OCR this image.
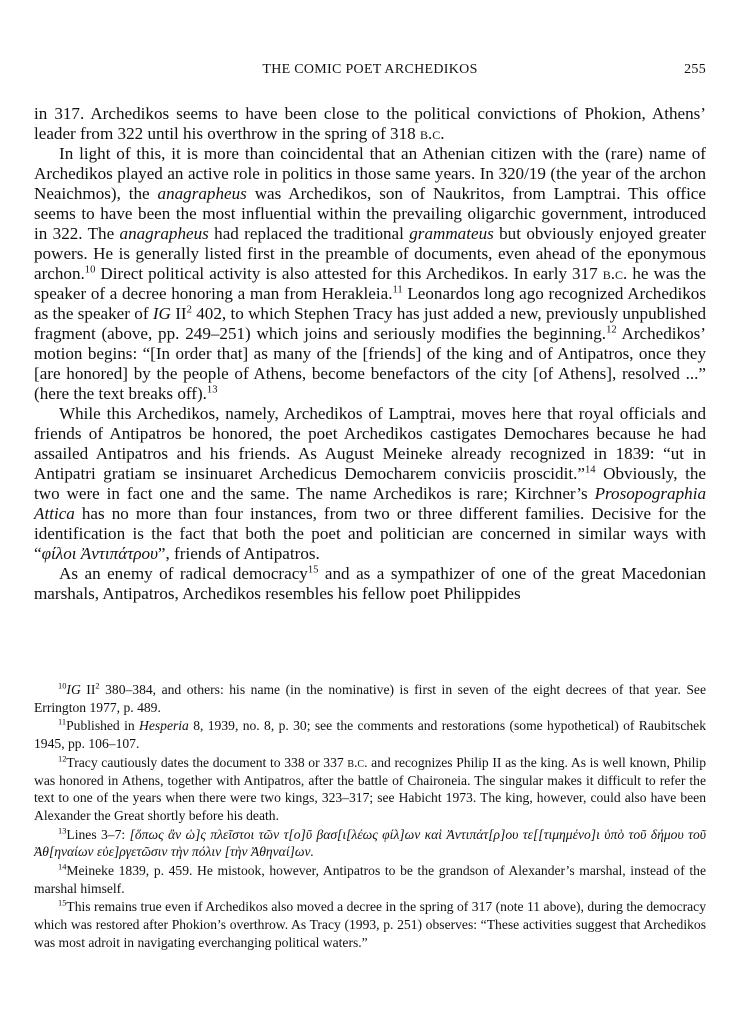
THE COMIC POET ARCHEDIKOS	255

in 317. Archedikos seems to have been close to the political convictions of Phokion, Athens’ leader from 322 until his overthrow in the spring of 318 b.c.

In light of this, it is more than coincidental that an Athenian citizen with the (rare) name of Archedikos played an active role in politics in those same years. In 320/19 (the year of the archon Neaichmos), the anagrapheus was Archedikos, son of Naukritos, from Lamptrai. This office seems to have been the most influential within the prevailing oligarchic government, introduced in 322. The anagrapheus had replaced the traditional grammateus but obviously enjoyed greater powers. He is generally listed first in the preamble of documents, even ahead of the eponymous archon.$^{10}$ Direct political activity is also attested for this Archedikos. In early 317 b.c. he was the speaker of a decree honoring a man from Herakleia.$^{11}$ Leonardos long ago recognized Archedikos as the speaker of IG $II^2$ 402, to which Stephen Tracy has just added a new, previously unpublished fragment (above, pp. 249–251) which joins and seriously modifies the beginning.$^{12}$ Archedikos’ motion begins: “[In order that] as many of the [friends] of the king and of Antipatros, once they [are honored] by the people of Athens, become benefactors of the city [of Athens], resolved ...” (here the text breaks off).$^{13}$

While this Archedikos, namely, Archedikos of Lamptrai, moves here that royal officials and friends of Antipatros be honored, the poet Archedikos castigates Demochares because he had assailed Antipatros and his friends. As August Meineke already recognized in 1839: “ut in Antipatri gratiam se insinuaret Archedicus Democharem conviciis proscidit.”$^{14}$ Obviously, the two were in fact one and the same. The name Archedikos is rare; Kirchner’s Prosopographia Attica has no more than four instances, from two or three different families. Decisive for the identification is the fact that both the poet and politician are concerned in similar ways with “φίλοι Ἀντιπάτρου”, friends of Antipatros.

As an enemy of radical democracy$^{15}$ and as a sympathizer of one of the great Macedonian marshals, Antipatros, Archedikos resembles his fellow poet Philippides

$^{10}$IG $II^2$ 380–384, and others: his name (in the nominative) is first in seven of the eight decrees of that year. See Errington 1977, p. 489.

$^{11}$Published in Hesperia 8, 1939, no. 8, p. 30; see the comments and restorations (some hypothetical) of Raubitschek 1945, pp. 106–107.

$^{12}$Tracy cautiously dates the document to 338 or 337 b.c. and recognizes Philip II as the king. As is well known, Philip was honored in Athens, together with Antipatros, after the battle of Chaironeia. The singular makes it difficult to refer the text to one of the years when there were two kings, 323–317; see Habicht 1973. The king, however, could also have been Alexander the Great shortly before his death.

$^{13}$Lines 3–7: [ὅπως ἂν ὡ]ς πλεῖστοι τῶν τ[ο]ῦ βασ[ι[λέως φίλ]ων καὶ Ἀντιπάτ[ρ]ου τε[[τιμημένο]ι ὑπὸ τοῦ δήμου τοῦ Ἀθ[ηναίων εὐε]ργετῶσιν τὴν πόλιν [τὴν Ἀθηναί]ων.

$^{14}$Meineke 1839, p. 459. He mistook, however, Antipatros to be the grandson of Alexander’s marshal, instead of the marshal himself.

$^{15}$This remains true even if Archedikos also moved a decree in the spring of 317 (note 11 above), during the democracy which was restored after Phokion’s overthrow. As Tracy (1993, p. 251) observes: “These activities suggest that Archedikos was most adroit in navigating everchanging political waters.”
